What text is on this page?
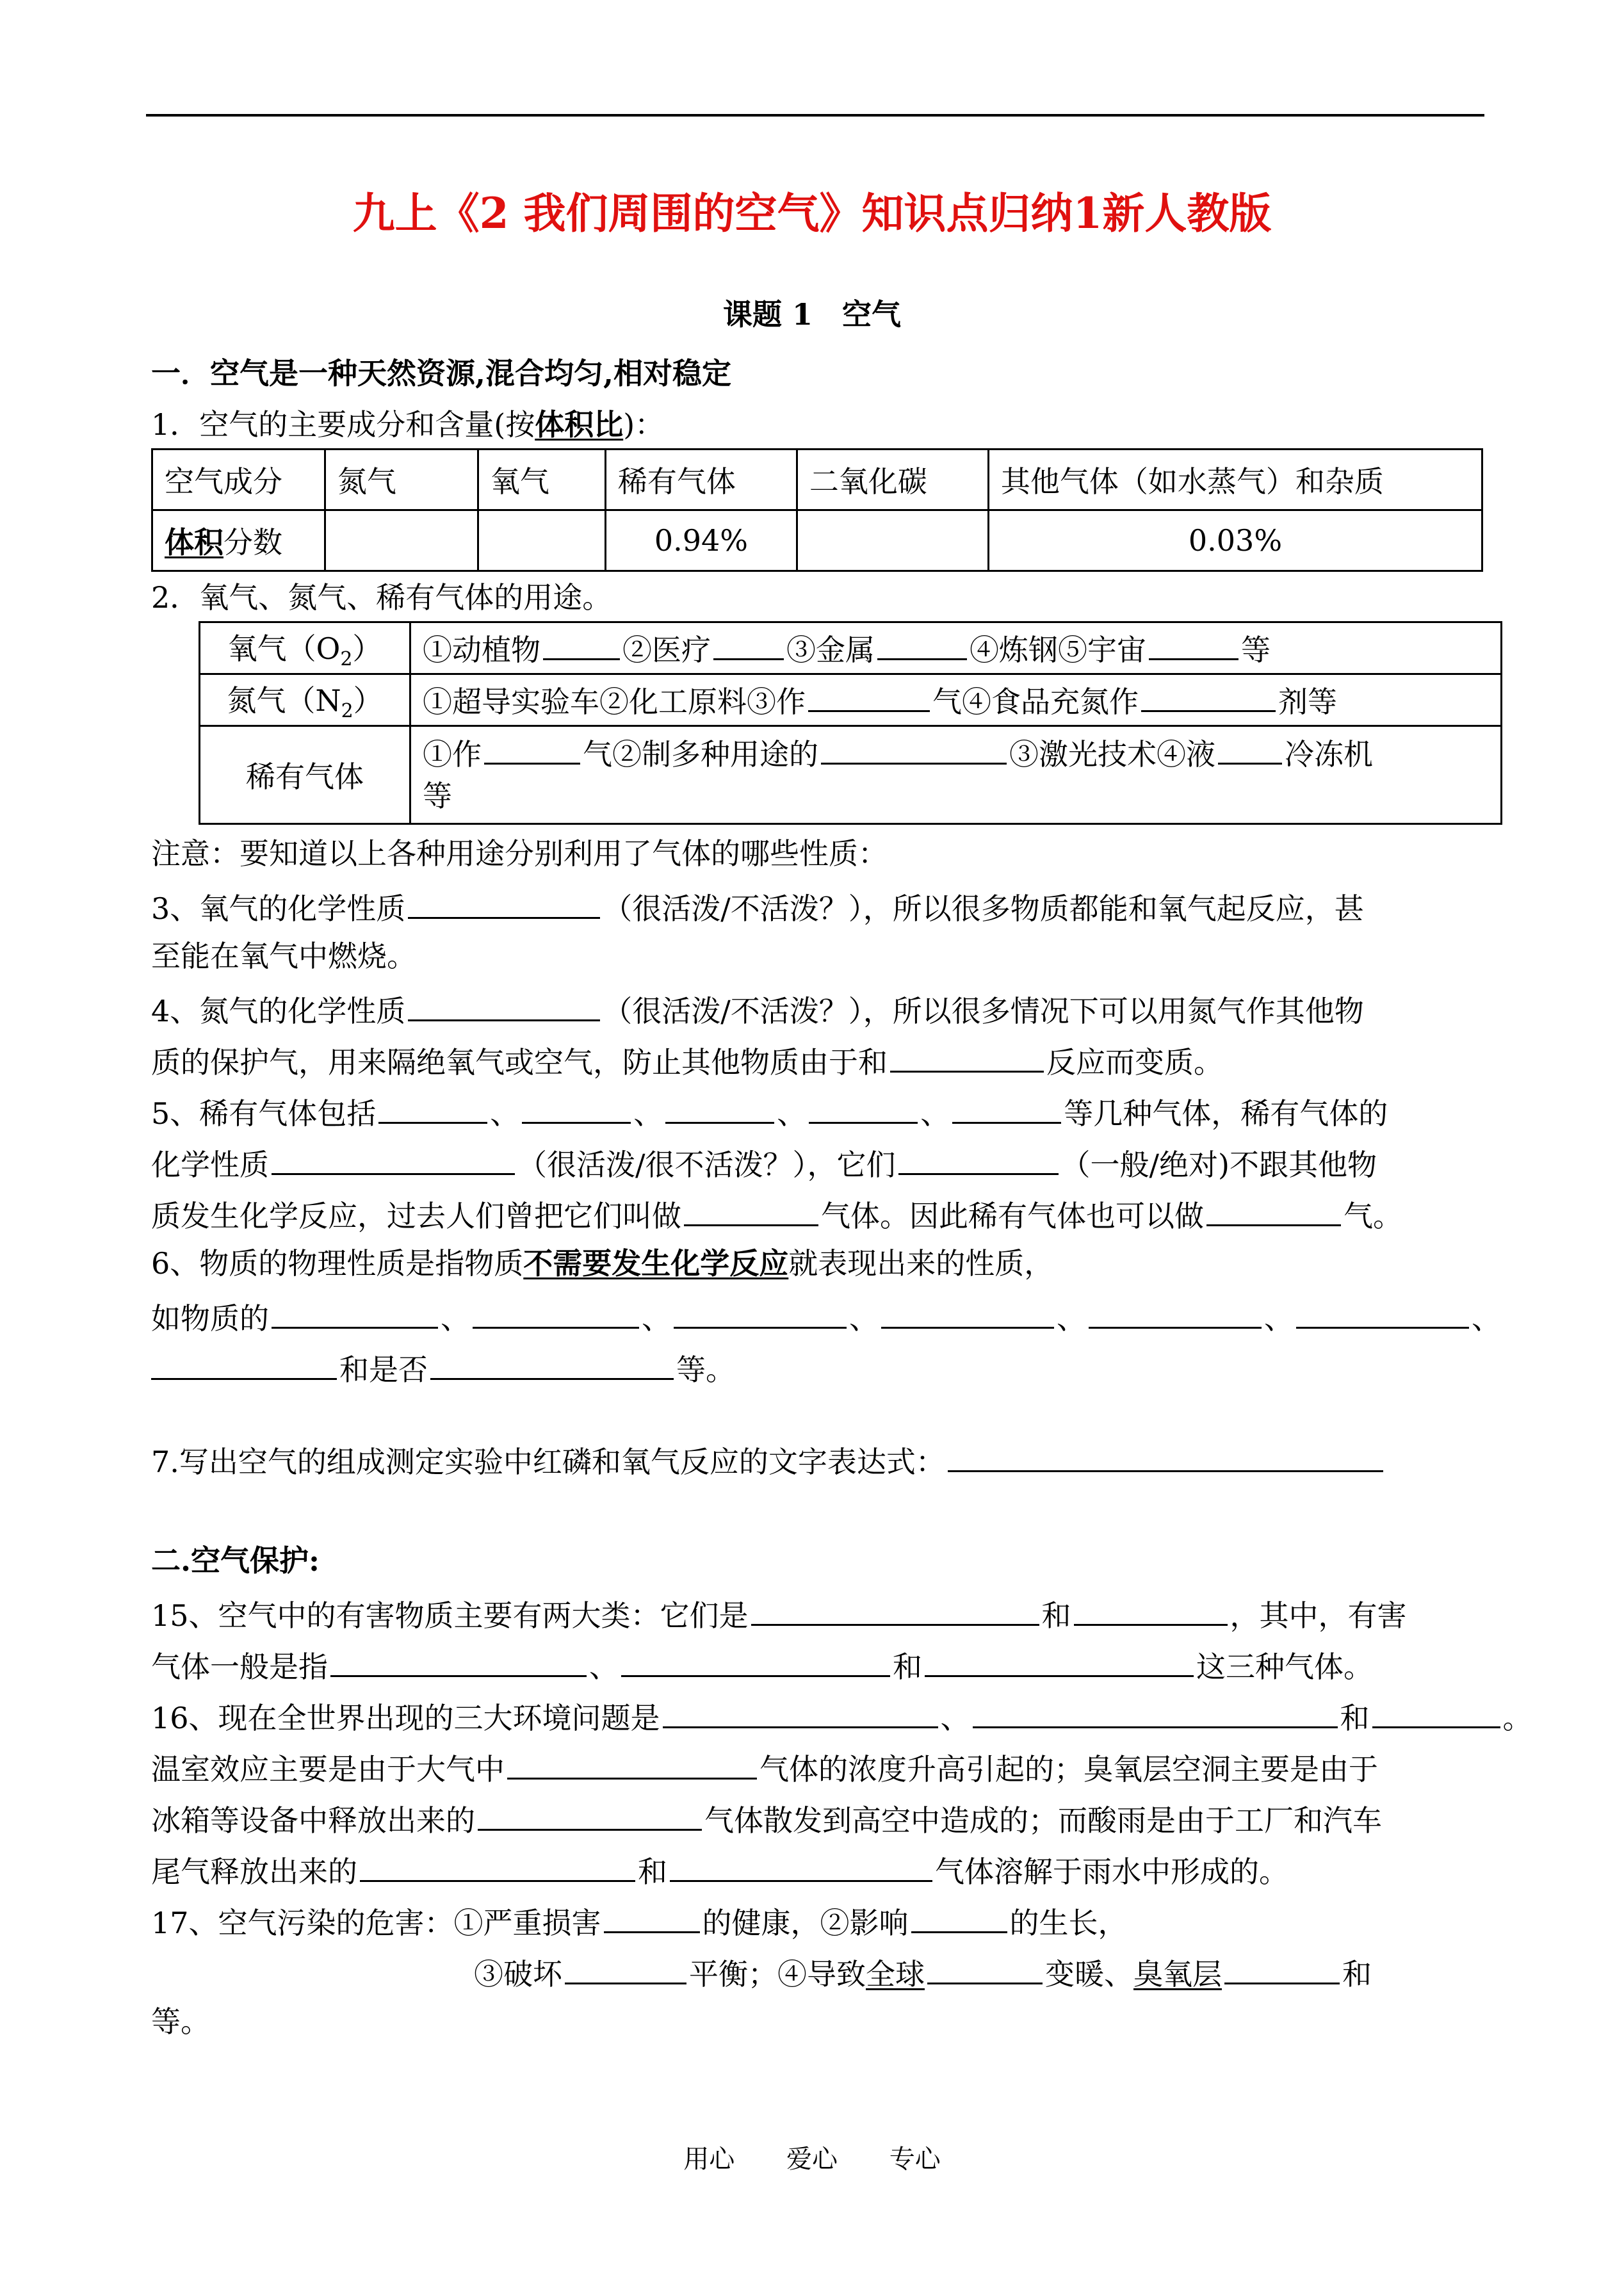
九上《2 我们周围的空气》知识点归纳1新人教版
课题 1　空气
一．空气是一种天然资源,混合均匀,相对稳定
1．空气的主要成分和含量(按体积比)：
空气成分	氮气	氧气	稀有气体	二氧化碳	其他气体（如水蒸气）和杂质
体积分数			0.94%		0.03%
2．氧气、氮气、稀有气体的用途。
氧气$(O_2)$	①动植物 ②医疗 ③金属 ④炼钢⑤宇宙 等
氮气$(N_2)$	①超导实验车②化工原料③作 气④食品充氮作 剂等
稀有气体	①作 气②制多种用途的 ③激光技术④液 冷冻机
等
注意：要知道以上各种用途分别利用了气体的哪些性质：
3、氧气的化学性质	（很活泼/不活泼？），所以很多物质都能和氧气起反应，甚
至能在氧气中燃烧。
4、氮气的化学性质	（很活泼/不活泼？），所以很多情况下可以用氮气作其他物
质的保护气，用来隔绝氧气或空气，防止其他物质由于和	反应而变质。
5、稀有气体包括	、	、	、	、	等几种气体，稀有气体的
化学性质	（很活泼/很不活泼？），它们	（一般/绝对)不跟其他物
质发生化学反应，过去人们曾把它们叫做	气体。因此稀有气体也可以做	气。
6、物质的物理性质是指物质不需要发生化学反应就表现出来的性质，
如物质的	、	、	、	、	、	、
和是否	等。
7.写出空气的组成测定实验中红磷和氧气反应的文字表达式：
二.空气保护:
15、空气中的有害物质主要有两大类：它们是	和	，其中，有害
气体一般是指	、	和	这三种气体。
16、现在全世界出现的三大环境问题是	、	和	。
温室效应主要是由于大气中	气体的浓度升高引起的；臭氧层空洞主要是由于
冰箱等设备中释放出来的	气体散发到高空中造成的；而酸雨是由于工厂和汽车
尾气释放出来的	和	气体溶解于雨水中形成的。
17、空气污染的危害：①严重损害	的健康，②影响	的生长，
③破坏	平衡；④导致全球	变暖、臭氧层	和
等。
用心 爱心 专心
